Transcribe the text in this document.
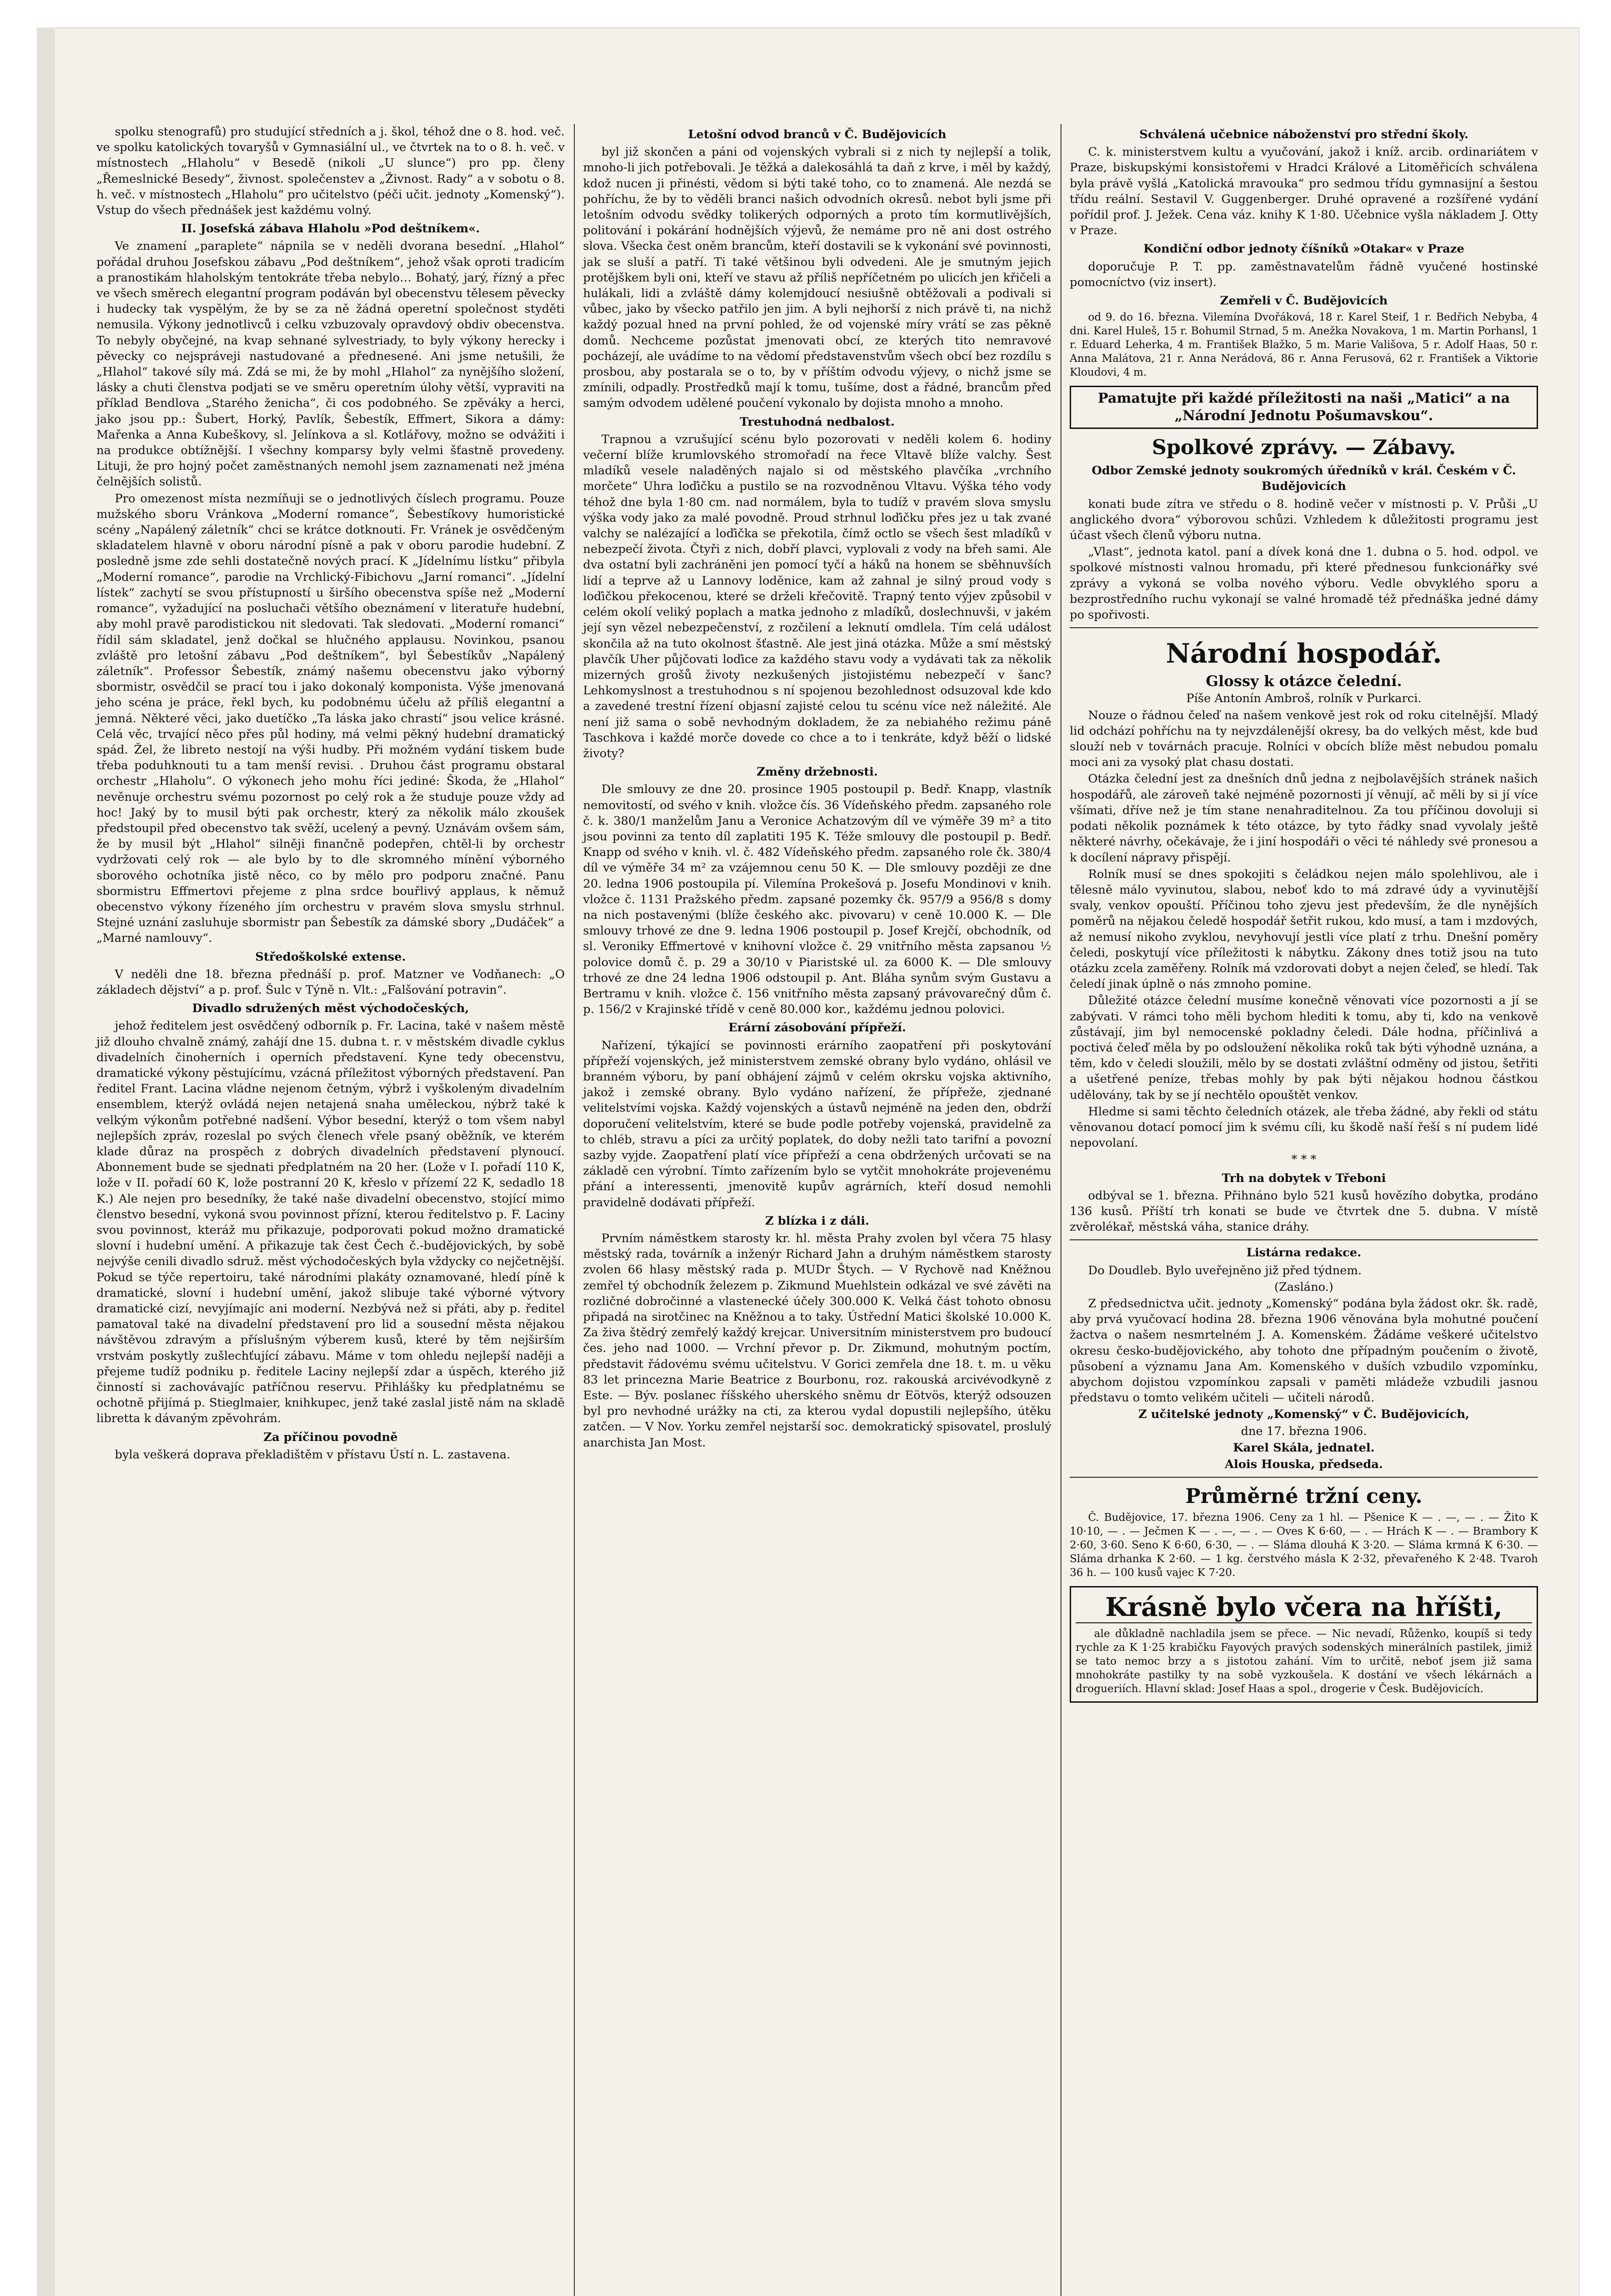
spolku stenografů) pro studující středních a j. škol, téhož dne o 8. hod. več. ve spolku katolických tovaryšů v Gymnasiální ul., ve čtvrtek na to o 8. h. več. v místnostech „Hlaholu“ v Besedě (nikoli „U slunce“) pro pp. členy „Řemeslnické Besedy“, živnost. společenstev a „Živnost. Rady“ a v sobotu o 8. h. več. v místnostech „Hlaholu“ pro učitelstvo (péči učit. jednoty „Komenský“). Vstup do všech přednášek jest každému volný.

II. Josefská zábava Hlaholu »Pod deštníkem«.

Ve znamení „paraplete“ nápnila se v neděli dvorana besední. „Hlahol“ pořádal druhou Josefskou zábavu „Pod deštníkem“, jehož však oproti tradicím a pranostikám hlaholským tentokráte třeba nebylo… Bohatý, jarý, řízný a přec ve všech směrech elegantní program podáván byl obecenstvu tělesem pěvecky i hudecky tak vyspělým, že by se za ně žádná operetní společnost styděti nemusila. Výkony jednotlivců i celku vzbuzovaly opravdový obdiv obecenstva. To nebyly obyčejné, na kvap sehnané sylvestriady, to byly výkony herecky i pěvecky co nejspráveji nastudované a přednesené. Ani jsme netušili, že „Hlahol“ takové síly má. Zdá se mi, že by mohl „Hlahol“ za nynějšího složení, lásky a chuti členstva podjati se ve směru operetním úlohy větší, vypraviti na příklad Bendlova „Starého ženicha“, či cos podobného. Se zpěváky a herci, jako jsou pp.: Šubert, Horký, Pavlík, Šebestík, Effmert, Sikora a dámy: Mařenka a Anna Kubeškovy, sl. Jelínkova a sl. Kotlářovy, možno se odvážiti i na produkce obtížnější. I všechny komparsy byly velmi šťastně provedeny. Lituji, že pro hojný počet zaměstnaných nemohl jsem zaznamenati než jména čelnějších solistů.

Pro omezenost místa nezmíňuji se o jednotlivých číslech programu. Pouze mužského sboru Vránkova „Moderní romance“, Šebestíkovy humoristické scény „Napálený záletník“ chci se krátce dotknouti. Fr. Vránek je osvědčeným skladatelem hlavně v oboru národní písně a pak v oboru parodie hudební. Z posledně jsme zde sehli dostatečně nových prací. K „Jídelnímu lístku“ přibyla „Moderní romance“, parodie na Vrchlický-Fibichovu „Jarní romanci“. „Jídelní lístek“ zachytí se svou přístupností u širšího obecenstva spíše než „Moderní romance“, vyžadující na posluchači většího obeznámení v literatuře hudební, aby mohl pravě parodistickou nit sledovati. Tak sledovati. „Moderní romanci“ řídil sám skladatel, jenž dočkal se hlučného applausu. Novinkou, psanou zvláště pro letošní zábavu „Pod deštníkem“, byl Šebestíkův „Napálený záletník“. Professor Šebestík, známý našemu obecenstvu jako výborný sbormistr, osvědčil se prací tou i jako dokonalý komponista. Výše jmenovaná jeho scéna je práce, řekl bych, ku podobnému účelu až příliš elegantní a jemná. Některé věci, jako duetíčko „Ta láska jako chrastí“ jsou velice krásné. Celá věc, trvající něco přes půl hodiny, má velmi pěkný hudební dramatický spád. Žel, že libreto nestojí na výši hudby. Při možném vydání tiskem bude třeba poduhknouti tu a tam menší revisi. . Druhou část programu obstaral orchestr „Hlaholu“. O výkonech jeho mohu říci jediné: Škoda, že „Hlahol“ nevěnuje orchestru svému pozornost po celý rok a že studuje pouze vždy ad hoc! Jaký by to musil býti pak orchestr, který za několik málo zkoušek předstoupil před obecenstvo tak svěží, ucelený a pevný. Uznávám ovšem sám, že by musil být „Hlahol“ silněji finančně podepřen, chtěl-li by orchestr vydržovati celý rok — ale bylo by to dle skromného mínění výborného sborového ochotníka jistě něco, co by mělo pro podporu značné. Panu sbormistru Effmertovi přejeme z plna srdce bouřlivý applaus, k němuž obecenstvo výkony řízeného jím orchestru v pravém slova smyslu strhnul. Stejné uznání zasluhuje sbormistr pan Šebestík za dámské sbory „Dudáček“ a „Marné namlouvy“.

Středoškolské extense.

V neděli dne 18. března přednáší p. prof. Matzner ve Vodňanech: „O základech dějství“ a p. prof. Šulc v Týně n. Vlt.: „Falšování potravin“.

Divadlo sdružených měst východočeských,

jehož ředitelem jest osvědčený odborník p. Fr. Lacina, také v našem městě již dlouho chvalně známý, zahájí dne 15. dubna t. r. v městském divadle cyklus divadelních činoherních i operních představení. Kyne tedy obecenstvu, dramatické výkony pěstujícímu, vzácná příležitost výborných představení. Pan ředitel Frant. Lacina vládne nejenom četným, výbrž i vyškoleným divadelním ensemblem, kterýž ovládá nejen netajená snaha uměleckou, nýbrž také k velkým výkonům potřebné nadšení. Výbor besední, kterýž o tom všem nabyl nejlepších zpráv, rozeslal po svých členech vřele psaný oběžník, ve kterém klade důraz na prospěch z dobrých divadelních představení plynoucí. Abonnement bude se sjednati předplatném na 20 her. (Lože v I. pořadí 110 K, lože v II. pořadí 60 K, lože postranní 20 K, křeslo v přízemí 22 K, sedadlo 18 K.) Ale nejen pro besedníky, že také naše divadelní obecenstvo, stojící mimo členstvo besední, vykoná svou povinnost přízní, kterou ředitelstvo p. F. Laciny svou povinnost, kteráž mu přikazuje, podporovati pokud možno dramatické slovní i hudební umění. A přikazuje tak čest Čech č.-budějovických, by sobě nejvýše cenili divadlo sdruž. měst východočeských byla vždycky co nejčetnější. Pokud se týče repertoiru, také národními plakáty oznamované, hledí píně k dramatické, slovní i hudební umění, jakož slibuje také výborné výtvory dramatické cizí, nevyjímajíc ani moderní. Nezbývá než si přáti, aby p. ředitel pamatoval také na divadelní představení pro lid a sousední města nějakou návštěvou zdravým a příslušným výberem kusů, které by těm nejširším vrstvám poskytly zušlechťující zábavu. Máme v tom ohledu nejlepší naději a přejeme tudíž podniku p. ředitele Laciny nejlepší zdar a úspěch, kterého již činností si zachovávajíc patříčnou reservu. Přihlášky ku předplatnému se ochotně přijímá p. Stieglmaier, knihkupec, jenž také zaslal jistě nám na skladě libretta k dávaným zpěvohrám.

Za příčinou povodně

byla veškerá doprava překladištěm v přístavu Ústí n. L. zastavena.

Letošní odvod branců v Č. Budějovicích

byl již skončen a páni od vojenských vybrali si z nich ty nejlepší a tolik, mnoho-li jich potřebovali. Je těžká a dalekosáhlá ta daň z krve, i měl by každý, kdož nucen ji přinésti, vědom si býti také toho, co to znamená. Ale nezdá se pohříchu, že by to věděli branci našich odvodních okresů. nebot byli jsme při letošním odvodu svědky tolikerých odporných a proto tím kormutlivějších, politování i pokárání hodnějších výjevů, že nemáme pro ně ani dost ostrého slova. Všecka čest oněm brancům, kteří dostavili se k vykonání své povinnosti, jak se sluší a patří. Ti také většinou byli odvedeni. Ale je smutným jejich protějškem byli oni, kteří ve stavu až příliš nepříčetném po ulicích jen křičeli a hulákali, lidi a zvláště dámy kolemjdoucí nesiušně obtěžovali a podivali si vůbec, jako by všecko patřilo jen jim. A byli nejhorší z nich právě ti, na nichž každý pozual hned na první pohled, že od vojenské míry vrátí se zas pěkně domů. Nechceme pozůstat jmenovati obcí, ze kterých tito nemravové pocházejí, ale uvádíme to na vědomí představenstvům všech obcí bez rozdílu s prosbou, aby postarala se o to, by v příštím odvodu výjevy, o nichž jsme se zmínili, odpadly. Prostředků mají k tomu, tušíme, dost a řádné, brancům před samým odvodem udělené poučení vykonalo by dojista mnoho a mnoho.

Trestuhodná nedbalost.

Trapnou a vzrušující scénu bylo pozorovati v neděli kolem 6. hodiny večerní blíže krumlovského stromořadí na řece Vltavě blíže valchy. Šest mladíků vesele naladěných najalo si od městského plavčíka „vrchního morčete“ Uhra loďičku a pustilo se na rozvodněnou Vltavu. Výška tého vody téhož dne byla 1·80 cm. nad normálem, byla to tudíž v pravém slova smyslu výška vody jako za malé povodně. Proud strhnul loďičku přes jez u tak zvané valchy se nalézající a loďička se překotila, čímž octlo se všech šest mladíků v nebezpečí života. Čtyři z nich, dobří plavci, vyplovali z vody na břeh sami. Ale dva ostatní byli zachráněni jen pomocí tyčí a háků na honem se sběhnuvších lidí a teprve až u Lannovy loděnice, kam až zahnal je silný proud vody s loďičkou překocenou, které se drželi křečovitě. Trapný tento výjev způsobil v celém okolí veliký poplach a matka jednoho z mladíků, doslechnuvši, v jakém její syn vězel nebezpečenství, z rozčilení a leknutí omdlela. Tím celá událost skončila až na tuto okolnost šťastně. Ale jest jiná otázka. Může a smí městský plavčík Uher půjčovati loďice za každého stavu vody a vydávati tak za několik mizerných grošů životy nezkušených jistojistému nebezpečí v šanc? Lehkomyslnost a trestuhodnou s ní spojenou bezohlednost odsuzoval kde kdo a zavedené trestní řízení objasní zajisté celou tu scénu více než náležité. Ale není již sama o sobě nevhodným dokladem, že za nebiahého režimu páně Taschkova i každé morče dovede co chce a to i tenkráte, když běží o lidské životy?

Změny držebnosti.

Dle smlouvy ze dne 20. prosince 1905 postoupil p. Bedř. Knapp, vlastník nemovitostí, od svého v knih. vložce čís. 36 Vídeňského předm. zapsaného role č. k. 380/1 manželům Janu a Veronice Achatzovým díl ve výměře 39 m² a tito jsou povinni za tento díl zaplatiti 195 K. Téže smlouvy dle postoupil p. Bedř. Knapp od svého v knih. vl. č. 482 Vídeňského předm. zapsaného role čk. 380/4 díl ve výměře 34 m² za vzájemnou cenu 50 K. — Dle smlouvy později ze dne 20. ledna 1906 postoupila pí. Vilemína Prokešová p. Josefu Mondinovi v knih. vložce č. 1131 Pražského předm. zapsané pozemky čk. 957/9 a 956/8 s domy na nich postavenými (blíže českého akc. pivovaru) v ceně 10.000 K. — Dle smlouvy trhové ze dne 9. ledna 1906 postoupil p. Josef Krejčí, obchodník, od sl. Veroniky Effmertové v knihovní vložce č. 29 vnitřního města zapsanou ½ polovice domů č. p. 29 a 30/10 v Piaristské ul. za 6000 K. — Dle smlouvy trhové ze dne 24 ledna 1906 odstoupil p. Ant. Bláha synům svým Gustavu a Bertramu v knih. vložce č. 156 vnitřního města zapsaný právovarečný dům č. p. 156/2 v Krajinské třídě v ceně 80.000 kor., každému jednou polovici.

Erární zásobování přípřeží.

Nařízení, týkající se povinnosti erárního zaopatření při poskytování přípřeží vojenských, jež ministerstvem zemské obrany bylo vydáno, ohlásil ve branném výboru, by paní obhájení zájmů v celém okrsku vojska aktivního, jakož i zemské obrany. Bylo vydáno nařízení, že přípřeže, zjednané velitelstvími vojska. Každý vojenských a ústavů nejméně na jeden den, obdrží doporučení velitelstvím, které se bude podle potřeby vojenská, pravidelně za to chléb, stravu a píci za určitý poplatek, do doby nežli tato tarifní a povozní sazby vyjde. Zaopatření platí více přípřeží a cena obdržených určovati se na základě cen výrobní. Tímto zařízením bylo se vytčit mnohokráte projevenému přání a interessenti, jmenovitě kupův agrárních, kteří dosud nemohli pravidelně dodávati přípřeží.

Z blízka i z dáli.

Prvním náměstkem starosty kr. hl. města Prahy zvolen byl včera 75 hlasy městský rada, továrník a inženýr Richard Jahn a druhým náměstkem starosty zvolen 66 hlasy městský rada p. MUDr Štych. — V Rychově nad Kněžnou zemřel tý obchodník železem p. Zikmund Muehlstein odkázal ve své závěti na rozličné dobročinné a vlastenecké účely 300.000 K. Velká část tohoto obnosu připadá na sirotčinec na Kněžnou a to taky. Ústřední Matici školské 10.000 K. Za živa štědrý zemřelý každý krejcar. Universitním ministerstvem pro budoucí čes. jeho nad 1000. — Vrchní převor p. Dr. Zikmund, mohutným poctím, představit řádovému svému učitelstvu. V Gorici zemřela dne 18. t. m. u věku 83 let princezna Marie Beatrice z Bourbonu, roz. rakouská arcivévodkyně z Este. — Býv. poslanec říšského uherského sněmu dr Eötvös, kterýž odsouzen byl pro nevhodné urážky na cti, za kterou vydal dopustili nejlepšího, útěku zatčen. — V Nov. Yorku zemřel nejstarší soc. demokratický spisovatel, proslulý anarchista Jan Most.

Schválená učebnice náboženství pro střední školy.

C. k. ministerstvem kultu a vyučování, jakož i kníž. arcib. ordinariátem v Praze, biskupskými konsistořemi v Hradci Králové a Litoměřicích schválena byla právě vyšlá „Katolická mravouka“ pro sedmou třídu gymnasijní a šestou třídu reální. Sestavil V. Guggenberger. Druhé opravené a rozšířené vydání pořídil prof. J. Ježek. Cena váz. knihy K 1·80. Učebnice vyšla nákladem J. Otty v Praze.

Kondiční odbor jednoty číšníků »Otakar« v Praze

doporučuje P. T. pp. zaměstnavatelům řádně vyučené hostinské pomocníctvo (viz insert).

Zemřeli v Č. Budějovicích

od 9. do 16. března. Vilemína Dvořáková, 18 r. Karel Steif, 1 r. Bedřich Nebyba, 4 dni. Karel Huleš, 15 r. Bohumil Strnad, 5 m. Anežka Novakova, 1 m. Martin Porhansl, 1 r. Eduard Leherka, 4 m. František Blažko, 5 m. Marie Vališova, 5 r. Adolf Haas, 50 r. Anna Malátova, 21 r. Anna Nerádová, 86 r. Anna Ferusová, 62 r. František a Viktorie Kloudovi, 4 m.

Pamatujte při každé příležitosti na naši „Matici“ a na „Národní Jednotu Pošumavskou“.
Spolkové zprávy. — Zábavy.
Odbor Zemské jednoty soukromých úředníků v král. Českém v Č. Budějovicích

konati bude zítra ve středu o 8. hodině večer v místnosti p. V. Průši „U anglického dvora“ výborovou schůzi. Vzhledem k důležitosti programu jest účast všech členů výboru nutna.

„Vlast“, jednota katol. paní a dívek koná dne 1. dubna o 5. hod. odpol. ve spolkové místnosti valnou hromadu, při které přednesou funkcionářky své zprávy a vykoná se volba nového výboru. Vedle obvyklého sporu a bezprostředního ruchu vykonají se valné hromadě též přednáška jedné dámy po spořivosti.

Národní hospodář.
Glossy k otázce čelední.

Píše Antonín Ambroš, rolník v Purkarci.

Nouze o řádnou čeleď na našem venkově jest rok od roku citelnější. Mladý lid odchází pohříchu na ty nejvzdálenější okresy, ba do velkých měst, kde bud slouží neb v továrnách pracuje. Rolníci v obcích blíže měst nebudou pomalu moci ani za vysoký plat chasu dostati.

Otázka čelední jest za dnešních dnů jedna z nejbolavějších stránek našich hospodářů, ale zároveň také nejméně pozornosti jí věnují, ač měli by si jí více všímati, dříve než je tím stane nenahraditelnou. Za tou příčinou dovoluji si podati několik poznámek k této otázce, by tyto řádky snad vyvolaly ještě některé návrhy, očekávaje, že i jiní hospodáři o věci té náhledy své pronesou a k docílení nápravy přispějí.

Rolník musí se dnes spokojiti s čeládkou nejen málo spolehlivou, ale i tělesně málo vyvinutou, slabou, neboť kdo to má zdravé údy a vyvinutější svaly, venkov opouští. Příčinou toho zjevu jest především, že dle nynějších poměrů na nějakou čeledě hospodář šetřit rukou, kdo musí, a tam i mzdových, až nemusí nikoho zvyklou, nevyhovují jestli více platí z trhu. Dnešní poměry čeledi, poskytují více příležitosti k nábytku. Zákony dnes totiž jsou na tuto otázku zcela zaměřeny. Rolník má vzdorovati dobyt a nejen čeleď, se hledí. Tak čeledí jinak úplně o nás zmnoho pomine.

Důležité otázce čelední musíme konečně věnovati více pozornosti a jí se zabývati. V rámci toho měli bychom hlediti k tomu, aby ti, kdo na venkově zůstávají, jim byl nemocenské pokladny čeledi. Dále hodna, příčinlivá a poctivá čeleď měla by po odsloužení několika roků tak býti výhodně uznána, a těm, kdo v čeledi sloužili, mělo by se dostati zvláštní odměny od jistou, šetřiti a ušetřené peníze, třebas mohly by pak býti nějakou hodnou částkou udělovány, tak by se jí nechtělo opouštět venkov.

Hledme si sami těchto čeledních otázek, ale třeba žádné, aby řekli od státu věnovanou dotací pomocí jim k svému cíli, ku škodě naší řeší s ní pudem lidé nepovolaní.

* * *

Trh na dobytek v Třeboni

odbýval se 1. března. Přihnáno bylo 521 kusů hovězího dobytka, prodáno 136 kusů. Příští trh konati se bude ve čtvrtek dne 5. dubna. V místě zvěrolékař, městská váha, stanice dráhy.

Listárna redakce.

Do Doudleb. Bylo uveřejněno již před týdnem.

(Zasláno.)

Z předsednictva učit. jednoty „Komenský“ podána byla žádost okr. šk. radě, aby prvá vyučovací hodina 28. března 1906 věnována byla mohutné poučení žactva o našem nesmrtelném J. A. Komenském. Žádáme veškeré učitelstvo okresu česko-budějovického, aby tohoto dne případným poučením o životě, působení a významu Jana Am. Komenského v duších vzbudilo vzpomínku, abychom dojistou vzpomínkou zapsali v paměti mládeže vzbudili jasnou představu o tomto velikém učiteli — učiteli národů.

Z učitelské jednoty „Komenský“ v Č. Budějovicích,

dne 17. března 1906.

Karel Skála, jednatel.

Alois Houska, předseda.

Průměrné tržní ceny.

Č. Budějovice, 17. března 1906. Ceny za 1 hl. — Pšenice K — . —, — . — Žito K 10·10, — . — Ječmen K — . —, — . — Oves K 6·60, — . — Hrách K — . — Brambory K 2·60, 3·60. Seno K 6·60, 6·30, — . — Sláma dlouhá K 3·20. — Sláma krmná K 6·30. — Sláma drhanka K 2·60. — 1 kg. čerstvého másla K 2·32, převařeného K 2·48. Tvaroh 36 h. — 100 kusů vajec K 7·20.

Krásně bylo včera na hříšti,

ale důkladně nachladila jsem se přece. — Nic nevadí, Růženko, koupíš si tedy rychle za K 1·25 krabičku Fayových pravých sodenských minerálních pastilek, jimiž se tato nemoc brzy a s jistotou zahání. Vím to určitě, neboť jsem již sama mnohokráte pastilky ty na sobě vyzkoušela. K dostání ve všech lékárnách a drogueriích. Hlavní sklad: Josef Haas a spol., drogerie v Česk. Budějovicích.
